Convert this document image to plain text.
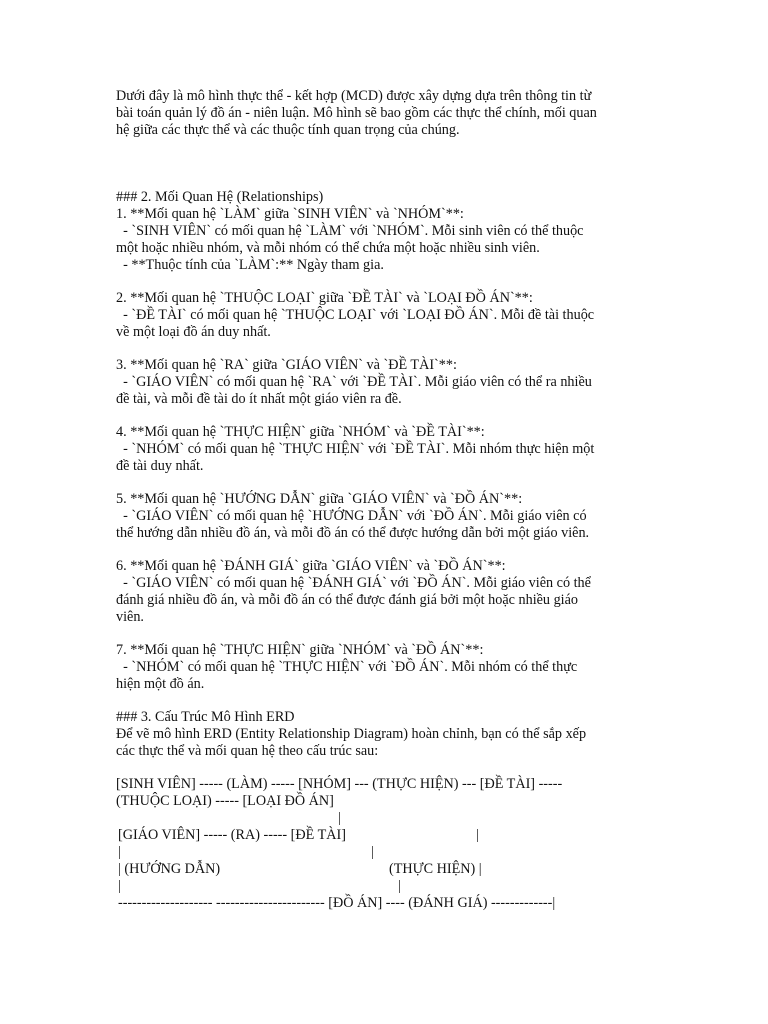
Dưới đây là mô hình thực thể - kết hợp (MCD) được xây dựng dựa trên thông tin từ
bài toán quản lý đồ án - niên luận. Mô hình sẽ bao gồm các thực thể chính, mối quan
hệ giữa các thực thể và các thuộc tính quan trọng của chúng.
### 2. Mối Quan Hệ (Relationships)
1. **Mối quan hệ `LÀM` giữa `SINH VIÊN` và `NHÓM`**:
- `SINH VIÊN` có mối quan hệ `LÀM` với `NHÓM`. Mỗi sinh viên có thể thuộc
một hoặc nhiều nhóm, và mỗi nhóm có thể chứa một hoặc nhiều sinh viên.
- **Thuộc tính của `LÀM`:** Ngày tham gia.
2. **Mối quan hệ `THUỘC LOẠI` giữa `ĐỀ TÀI` và `LOẠI ĐỒ ÁN`**:
- `ĐỀ TÀI` có mối quan hệ `THUỘC LOẠI` với `LOẠI ĐỒ ÁN`. Mỗi đề tài thuộc
về một loại đồ án duy nhất.
3. **Mối quan hệ `RA` giữa `GIÁO VIÊN` và `ĐỀ TÀI`**:
- `GIÁO VIÊN` có mối quan hệ `RA` với `ĐỀ TÀI`. Mỗi giáo viên có thể ra nhiều
đề tài, và mỗi đề tài do ít nhất một giáo viên ra đề.
4. **Mối quan hệ `THỰC HIỆN` giữa `NHÓM` và `ĐỀ TÀI`**:
- `NHÓM` có mối quan hệ `THỰC HIỆN` với `ĐỀ TÀI`. Mỗi nhóm thực hiện một
đề tài duy nhất.
5. **Mối quan hệ `HƯỚNG DẪN` giữa `GIÁO VIÊN` và `ĐỒ ÁN`**:
- `GIÁO VIÊN` có mối quan hệ `HƯỚNG DẪN` với `ĐỒ ÁN`. Mỗi giáo viên có
thể hướng dẫn nhiều đồ án, và mỗi đồ án có thể được hướng dẫn bởi một giáo viên.
6. **Mối quan hệ `ĐÁNH GIÁ` giữa `GIÁO VIÊN` và `ĐỒ ÁN`**:
- `GIÁO VIÊN` có mối quan hệ `ĐÁNH GIÁ` với `ĐỒ ÁN`. Mỗi giáo viên có thể
đánh giá nhiều đồ án, và mỗi đồ án có thể được đánh giá bởi một hoặc nhiều giáo
viên.
7. **Mối quan hệ `THỰC HIỆN` giữa `NHÓM` và `ĐỒ ÁN`**:
- `NHÓM` có mối quan hệ `THỰC HIỆN` với `ĐỒ ÁN`. Mỗi nhóm có thể thực
hiện một đồ án.
### 3. Cấu Trúc Mô Hình ERD
Để vẽ mô hình ERD (Entity Relationship Diagram) hoàn chỉnh, bạn có thể sắp xếp
các thực thể và mối quan hệ theo cấu trúc sau:
[SINH VIÊN] ----- (LÀM) ----- [NHÓM] --- (THỰC HIỆN) --- [ĐỀ TÀI] -----
(THUỘC LOẠI) ----- [LOẠI ĐỒ ÁN]
|
[GIÁO VIÊN] ----- (RA) ----- [ĐỀ TÀI]	|
|	|
| (HƯỚNG DẪN)	(THỰC HIỆN) |
|	|
-------------------- ----------------------- [ĐỒ ÁN] ---- (ĐÁNH GIÁ) -------------|
